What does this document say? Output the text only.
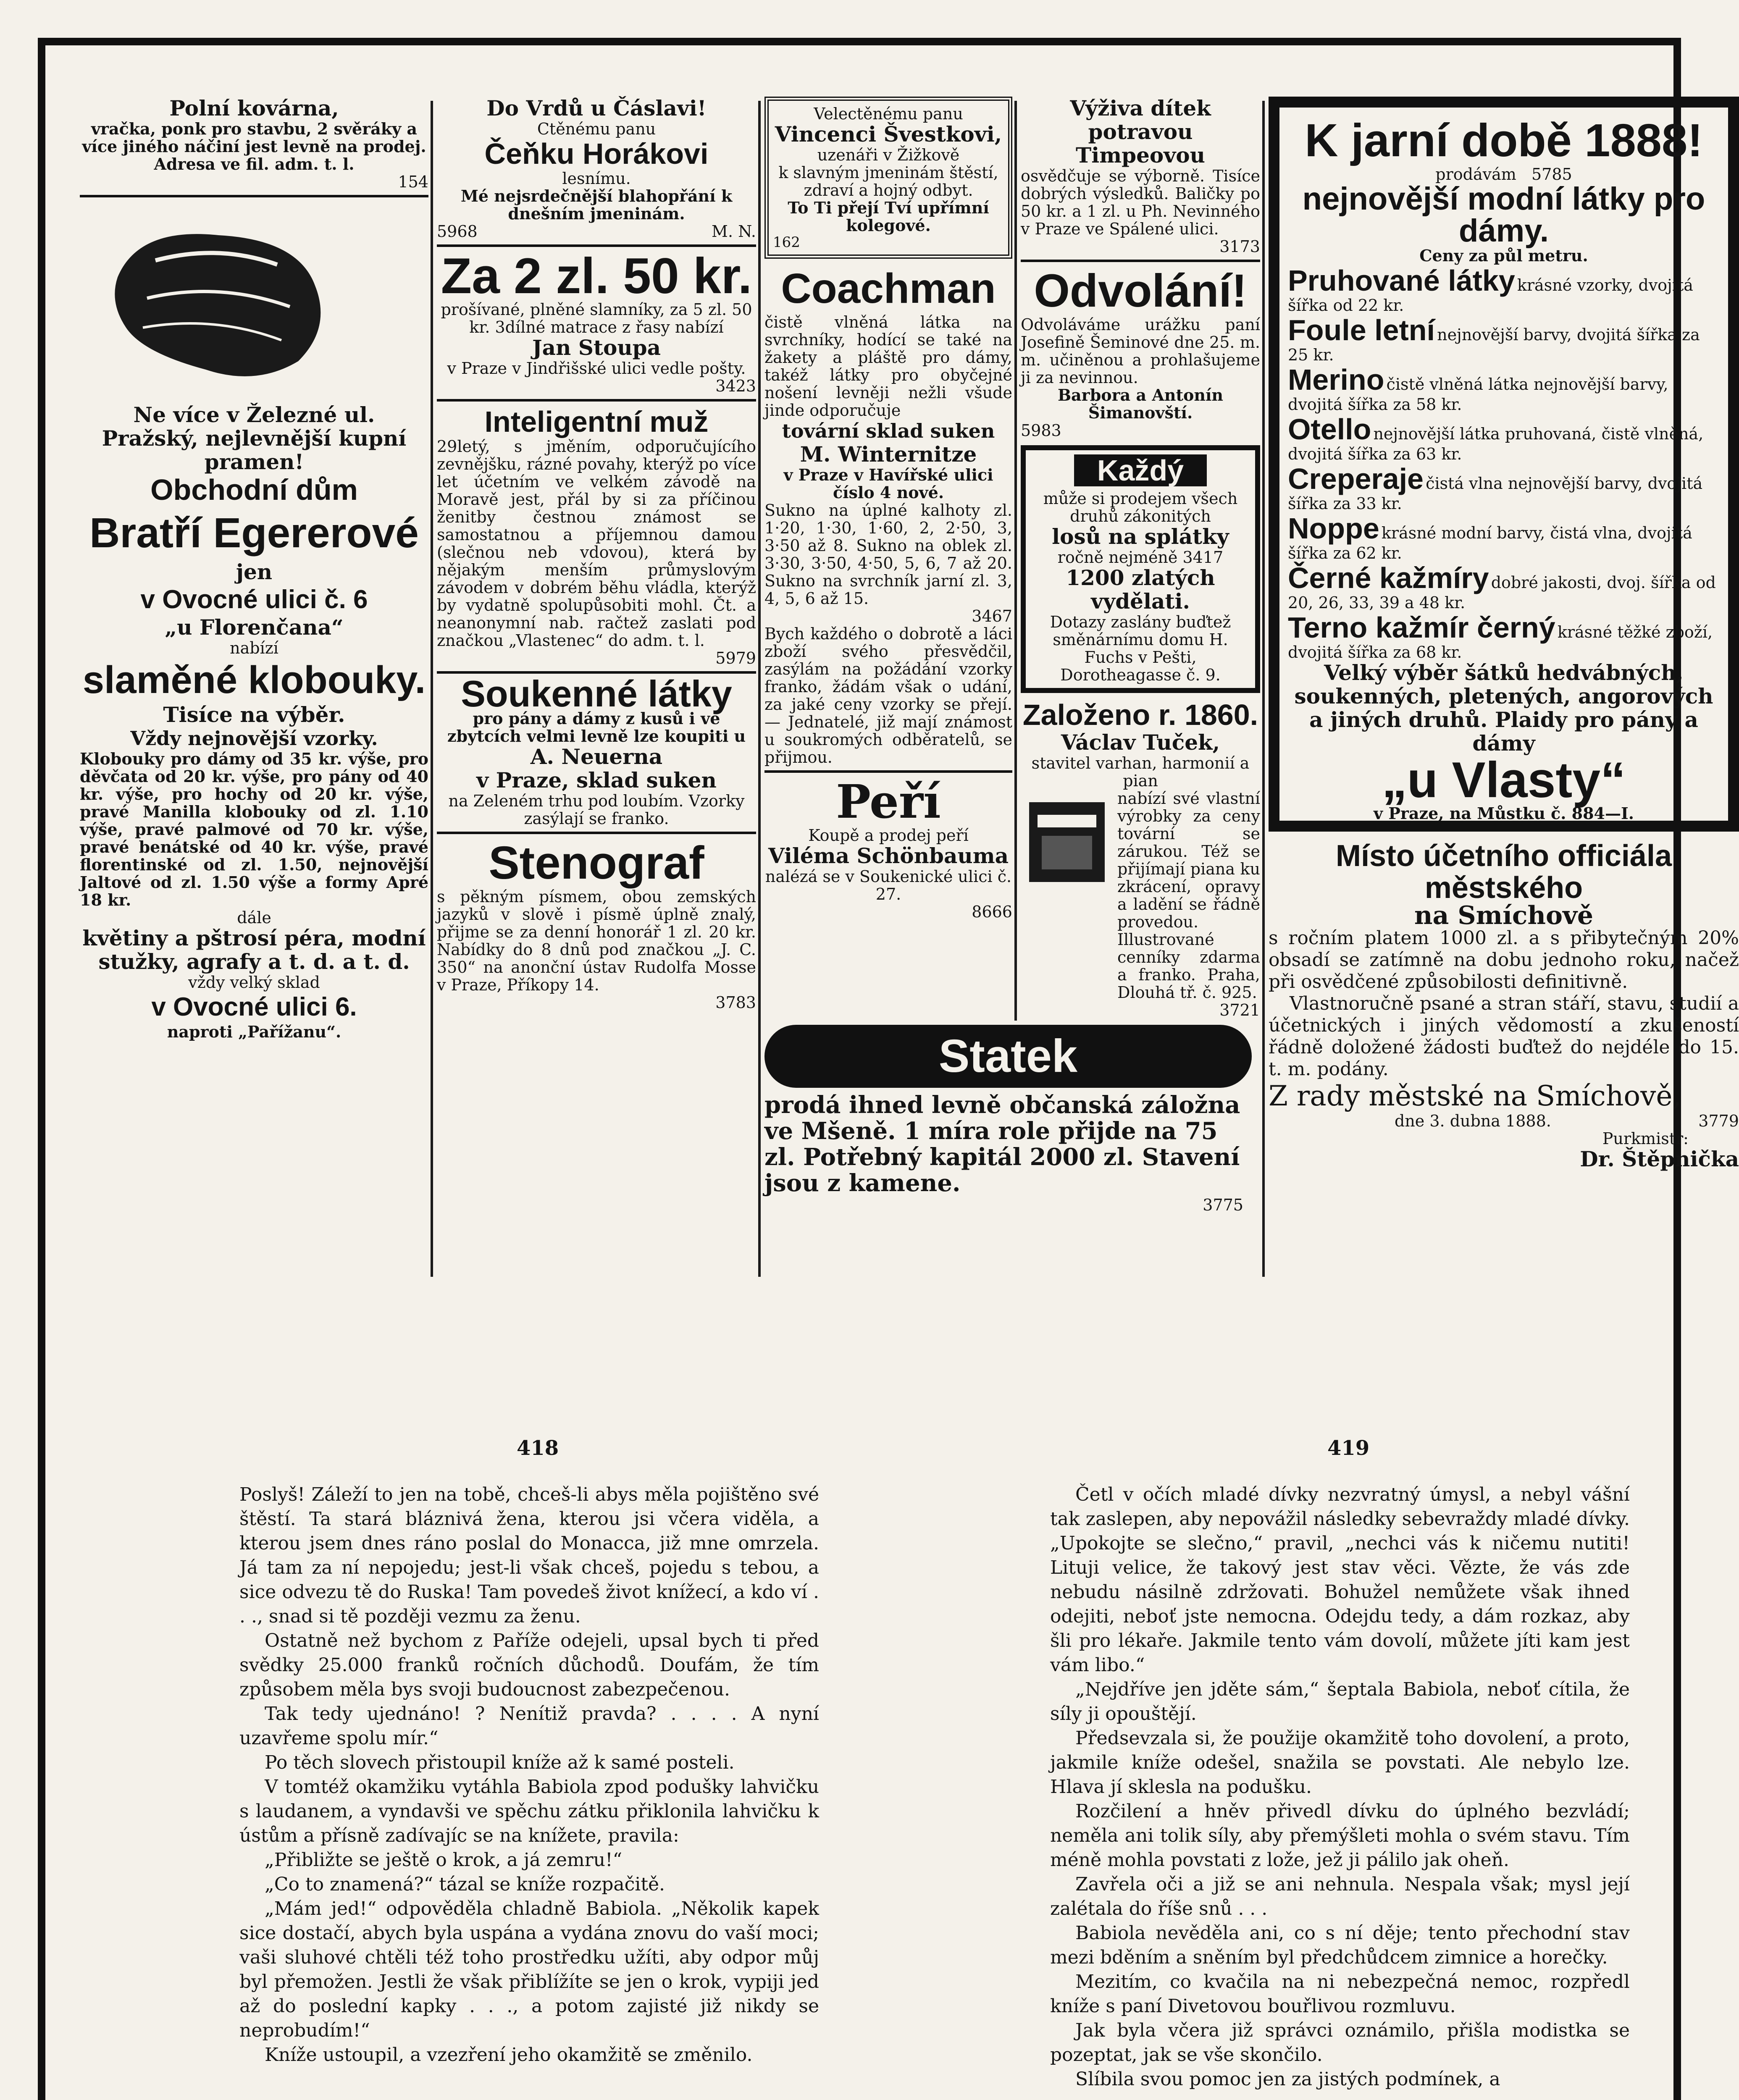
Polní kovárna,
vračka, ponk pro stavbu, 2 svěráky a více jiného náčiní jest levně na prodej. Adresa ve fil. adm. t. l.
154
Ne více v Železné ul.
Pražský, nejlevnější kupní pramen!
Obchodní dům
Bratří Egererové
jen
v Ovocné ulici č. 6
„u Florenčana“
nabízí
slaměné klobouky.
Tisíce na výběr.
Vždy nejnovější vzorky.
Klobouky pro dámy od 35 kr. výše, pro děvčata od 20 kr. výše, pro pány od 40 kr. výše, pro hochy od 20 kr. výše, pravé Manilla klobouky od zl. 1.10 výše, pravé palmové od 70 kr. výše, pravé benátské od 40 kr. výše, pravé florentinské od zl. 1.50, nejnovější Jaltové od zl. 1.50 výše a formy Apré 18 kr.
dále
květiny a pštrosí péra, modní stužky, agrafy a t. d. a t. d.
vždy velký sklad
v Ovocné ulici 6.
naproti „Pařížanu“.
Do Vrdů u Čáslavi!
Ctěnému panu
Čeňku Horákovi
lesnímu.
Mé nejsrdečnější blahopřání k dnešním jmeninám.
5968	M. N.
Za 2 zl. 50 kr.
prošívané, plněné slamníky, za 5 zl. 50 kr. 3dílné matrace z řasy nabízí
Jan Stoupa
v Praze v Jindřišské ulici vedle pošty.
3423
Inteligentní muž
29letý, s jměním, odporučujícího zevnějšku, rázné povahy, kterýž po více let účetním ve velkém závodě na Moravě jest, přál by si za příčinou ženitby čestnou známost se samostatnou a příjemnou damou (slečnou neb vdovou), která by nějakým menším průmyslovým závodem v dobrém běhu vládla, kterýž by vydatně spolupůsobiti mohl. Čt. a neanonymní nab. račtež zaslati pod značkou „Vlastenec“ do adm. t. l.
5979
Soukenné látky
pro pány a dámy z kusů i ve zbytcích velmi levně lze koupiti u
A. Neuerna
v Praze, sklad suken
na Zeleném trhu pod loubím. Vzorky zasýlají se franko.
Stenograf
s pěkným písmem, obou zemských jazyků v slově i písmě úplně znalý, přijme se za denní honorář 1 zl. 20 kr. Nabídky do 8 dnů pod značkou „J. C. 350“ na anonční ústav Rudolfa Mosse v Praze, Příkopy 14.
3783
Velectěnému panu
Vincenci Švestkovi,
uzenáři v Žižkově
k slavným jmeninám štěstí, zdraví a hojný odbyt.
To Ti přejí Tví upřímní kolegové.
162
Coachman
čistě vlněná látka na svrchníky, hodící se také na žakety a pláště pro dámy, takéž látky pro obyčejné nošení levněji nežli všude jinde odporučuje
tovární sklad suken
M. Winternitze
v Praze v Havířské ulici číslo 4 nové.
Sukno na úplné kalhoty zl. 1·20, 1·30, 1·60, 2, 2·50, 3, 3·50 až 8. Sukno na oblek zl. 3·30, 3·50, 4·50, 5, 6, 7 až 20. Sukno na svrchník jarní zl. 3, 4, 5, 6 až 15.
3467
Bych každého o dobrotě a láci zboží svého přesvědčil, zasýlám na požádání vzorky franko, žádám však o udání, za jaké ceny vzorky se přejí. — Jednatelé, již mají známost u soukromých odběratelů, se přijmou.
Peří
Koupě a prodej peří
Viléma Schönbauma
nalézá se v Soukenické ulici č. 27.
8666
Statek
prodá ihned levně občanská záložna ve Mšeně. 1 míra role přijde na 75 zl. Potřebný kapitál 2000 zl. Stavení jsou z kamene.
3775
Výživa dítek potravou Timpeovou
osvědčuje se výborně. Tisíce dobrých výsledků. Baličky po 50 kr. a 1 zl. u Ph. Nevinného v Praze ve Spálené ulici.
3173
Odvolání!
Odvoláváme urážku paní Josefině Šeminové dne 25. m. m. učiněnou a prohlašujeme ji za nevinnou.
Barbora a Antonín Šimanovští.
5983
Každý
může si prodejem všech druhů zákonitých
losů na splátky
ročně nejméně 3417
1200 zlatých vydělati.
Dotazy zaslány buďtež směnárnímu domu H. Fuchs v Pešti, Dorotheagasse č. 9.
Založeno r. 1860.
Václav Tuček,
stavitel varhan, harmonií a pian
nabízí své vlastní výrobky za ceny tovární se zárukou. Též se přijímají piana ku zkrácení, opravy a ladění se řádně provedou. Illustrované cenníky zdarma a franko. Praha, Dlouhá tř. č. 925.
3721
K jarní době 1888!
prodávám 5785
nejnovější modní látky pro dámy.
Ceny za půl metru.
Pruhované látky krásné vzorky, dvojitá šířka od 22 kr.
Foule letní nejnovější barvy, dvojitá šířka za 25 kr.
Merino čistě vlněná látka nejnovější barvy, dvojitá šířka za 58 kr.
Otello nejnovější látka pruhovaná, čistě vlněná, dvojitá šířka za 63 kr.
Creperaje čistá vlna nejnovější barvy, dvojitá šířka za 33 kr.
Noppe krásné modní barvy, čistá vlna, dvojitá šířka za 62 kr.
Černé kažmíry dobré jakosti, dvoj. šířka od 20, 26, 33, 39 a 48 kr.
Terno kažmír černý krásné těžké zboží, dvojitá šířka za 68 kr.
Velký výběr šátků hedvábných, soukenných, pletených, angorových a jiných druhů. Plaidy pro pány a dámy
„u Vlasty“
v Praze, na Můstku č. 884—I.
Místo účetního officiála městského
na Smíchově
s ročním platem 1000 zl. a s přibytečným 20% obsadí se zatímně na dobu jednoho roku, načež při osvědčené způsobilosti definitivně.
Vlastnoručně psané a stran stáří, stavu, studií a účetnických i jiných vědomostí a zkušeností řádně doložené žádosti buďtež do nejdéle do 15. t. m. podány.
Z rady městské na Smíchově,
dne 3. dubna 1888.	3779
Purkmistr:
Dr. Štěpnička
418	419

Poslyš! Záleží to jen na tobě, chceš-li abys měla pojištěno své štěstí. Ta stará bláznivá žena, kterou jsi včera viděla, a kterou jsem dnes ráno poslal do Monacca, již mne omrzela. Já tam za ní nepojedu; jest-li však chceš, pojedu s tebou, a sice odvezu tě do Ruska! Tam povedeš život knížecí, a kdo ví . . ., snad si tě později vezmu za ženu.

Ostatně než bychom z Paříže odejeli, upsal bych ti před svědky 25.000 franků ročních důchodů. Doufám, že tím způsobem měla bys svoji budoucnost zabezpečenou.

Tak tedy ujednáno! ? Nenítiž pravda? . . . . A nyní uzavřeme spolu mír.“

Po těch slovech přistoupil kníže až k samé posteli.

V tomtéž okamžiku vytáhla Babiola zpod poduškу lahvičku s laudanem, a vyndavši ve spěchu zátku přiklonila lahvičku k ústům a přísně zadívajíc se na knížete, pravila:

„Přibližte se ještě o krok, a já zemru!“

„Co to znamená?“ tázal se kníže rozpačitě.

„Mám jed!“ odpověděla chladně Babiola. „Několik kapek sice dostačí, abych byla uspána a vydána znovu do vaší moci; vaši sluhové chtěli též toho prostředku užíti, aby odpor můj byl přemožen. Jestli že však přiblížíte se jen o krok, vypiji jed až do poslední kapky . . ., a potom zajisté již nikdy se neprobudím!“

Kníže ustoupil, a vzezření jeho okamžitě se změnilo.

Četl v očích mladé dívky nezvratný úmysl, a nebyl vášní tak zaslepen, aby nepovážil následky sebevraždy mladé dívky. „Upokojte se slečno,“ pravil, „nechci vás k ničemu nutiti! Lituji velice, že takový jest stav věci. Vězte, že vás zde nebudu násilně zdržovati. Bohužel nemůžete však ihned odejiti, neboť jste nemocna. Odejdu tedy, a dám rozkaz, aby šli pro lékaře. Jakmile tento vám dovolí, můžete jíti kam jest vám libo.“

„Nejdříve jen jděte sám,“ šeptala Babiola, neboť cítila, že síly ji opouštějí.

Předsevzala si, že použije okamžitě toho dovolení, a proto, jakmile kníže odešel, snažila se povstati. Ale nebylo lze. Hlava jí sklesla na podušku.

Rozčilení a hněv přivedl dívku do úplného bezvládí; neměla ani tolik síly, aby přemýšleti mohla o svém stavu. Tím méně mohla povstati z lože, jež ji pálilo jak oheň.

Zavřela oči a již se ani nehnula. Nespala však; mysl její zalétala do říše snů . . .

Babiola nevěděla ani, co s ní děje; tento přechodní stav mezi bděním a sněním byl předchůdcem zimnice a horečky.

Mezitím, co kvačila na ni nebezpečná nemoc, rozpředl kníže s paní Divetovou bouřlivou rozmluvu.

Jak byla včera již správci oznámilo, přišla modistka se pozeptat, jak se vše skončilo.

Slíbila svou pomoc jen za jistých podmínek, a
